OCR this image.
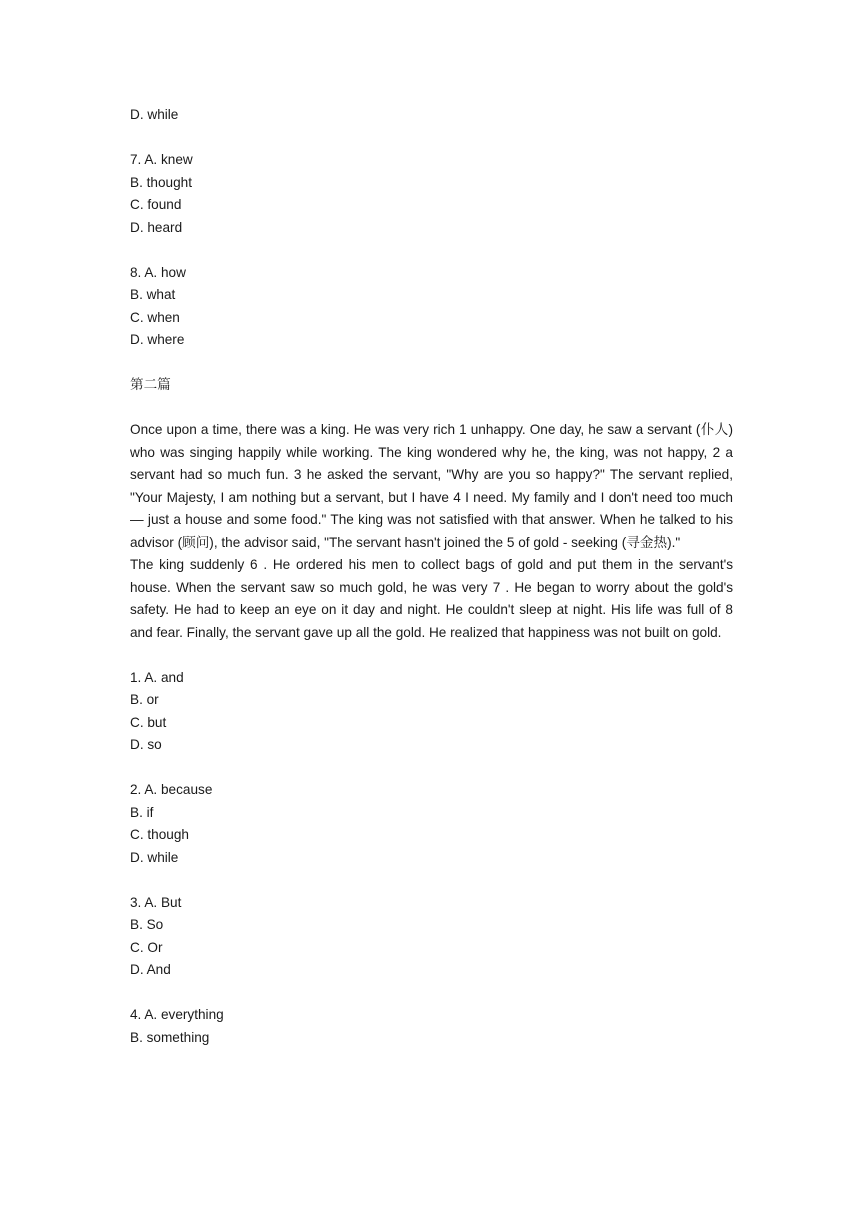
D. while
7. A. knew
B. thought
C. found
D. heard
8. A. how
B. what
C. when
D. where
第二篇

Once upon a time, there was a king. He was very rich 1 unhappy. One day, he saw a servant (仆人) who was singing happily while working. The king wondered why he, the king, was not happy, 2 a servant had so much fun. 3 he asked the servant, "Why are you so happy?" The servant replied, "Your Majesty, I am nothing but a servant, but I have 4 I need. My family and I don't need too much — just a house and some food." The king was not satisfied with that answer. When he talked to his advisor (顾问), the advisor said, "The servant hasn't joined the 5 of gold - seeking (寻金热)."

The king suddenly 6 . He ordered his men to collect bags of gold and put them in the servant's house. When the servant saw so much gold, he was very 7 . He began to worry about the gold's safety. He had to keep an eye on it day and night. He couldn't sleep at night. His life was full of 8 and fear. Finally, the servant gave up all the gold. He realized that happiness was not built on gold.

1. A. and
B. or
C. but
D. so
2. A. because
B. if
C. though
D. while
3. A. But
B. So
C. Or
D. And
4. A. everything
B. something
